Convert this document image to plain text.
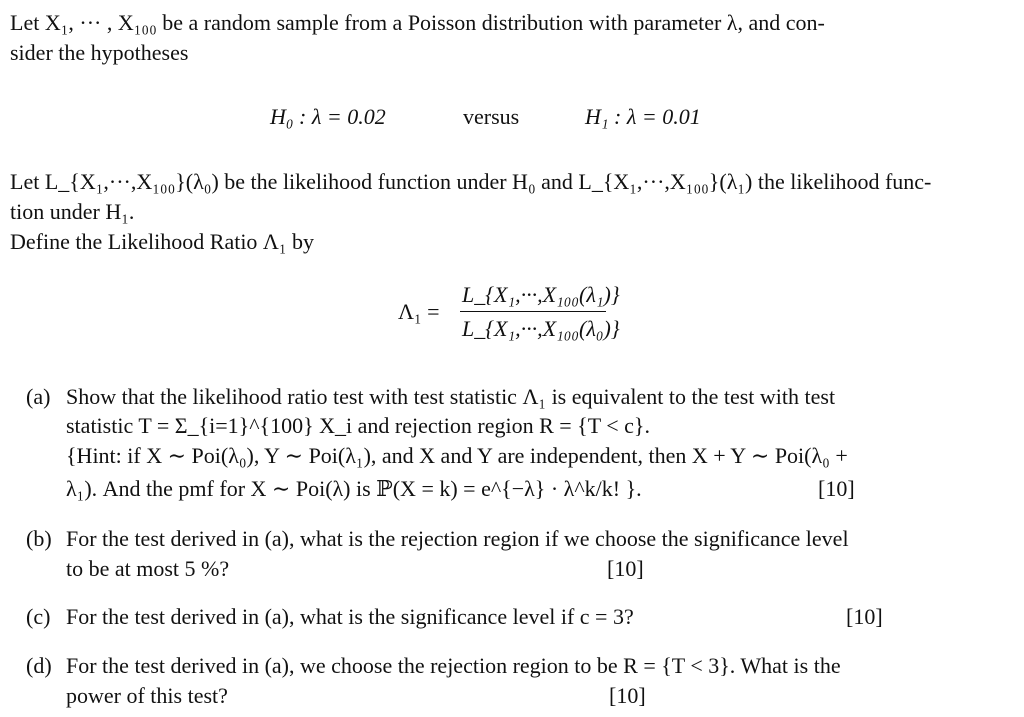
Let X₁, ··· , X₁₀₀ be a random sample from a Poisson distribution with parameter λ, and con-
sider the hypotheses
H₀ : λ = 0.02	versus	H₁ : λ = 0.01
Let L_{X₁,···,X₁₀₀}(λ₀) be the likelihood function under H₀ and L_{X₁,···,X₁₀₀}(λ₁) the likelihood func-
tion under H₁.
Define the Likelihood Ratio Λ₁ by
Λ₁ =
L_{X₁,···,X₁₀₀(λ₁)}
L_{X₁,···,X₁₀₀(λ₀)}
(a) Show that the likelihood ratio test with test statistic Λ₁ is equivalent to the test with test
statistic T = Σ_{i=1}^{100} X_i and rejection region R = {T < c}.
{Hint: if X ∼ Poi(λ₀), Y ∼ Poi(λ₁), and X and Y are independent, then X + Y ∼ Poi(λ₀ +
λ₁). And the pmf for X ∼ Poi(λ) is ℙ(X = k) = e^{−λ} · λ^k/k! }.	[10]
(b) For the test derived in (a), what is the rejection region if we choose the significance level
to be at most 5 %?	[10]
(c) For the test derived in (a), what is the significance level if c = 3?	[10]
(d) For the test derived in (a), we choose the rejection region to be R = {T < 3}. What is the
power of this test?	[10]
